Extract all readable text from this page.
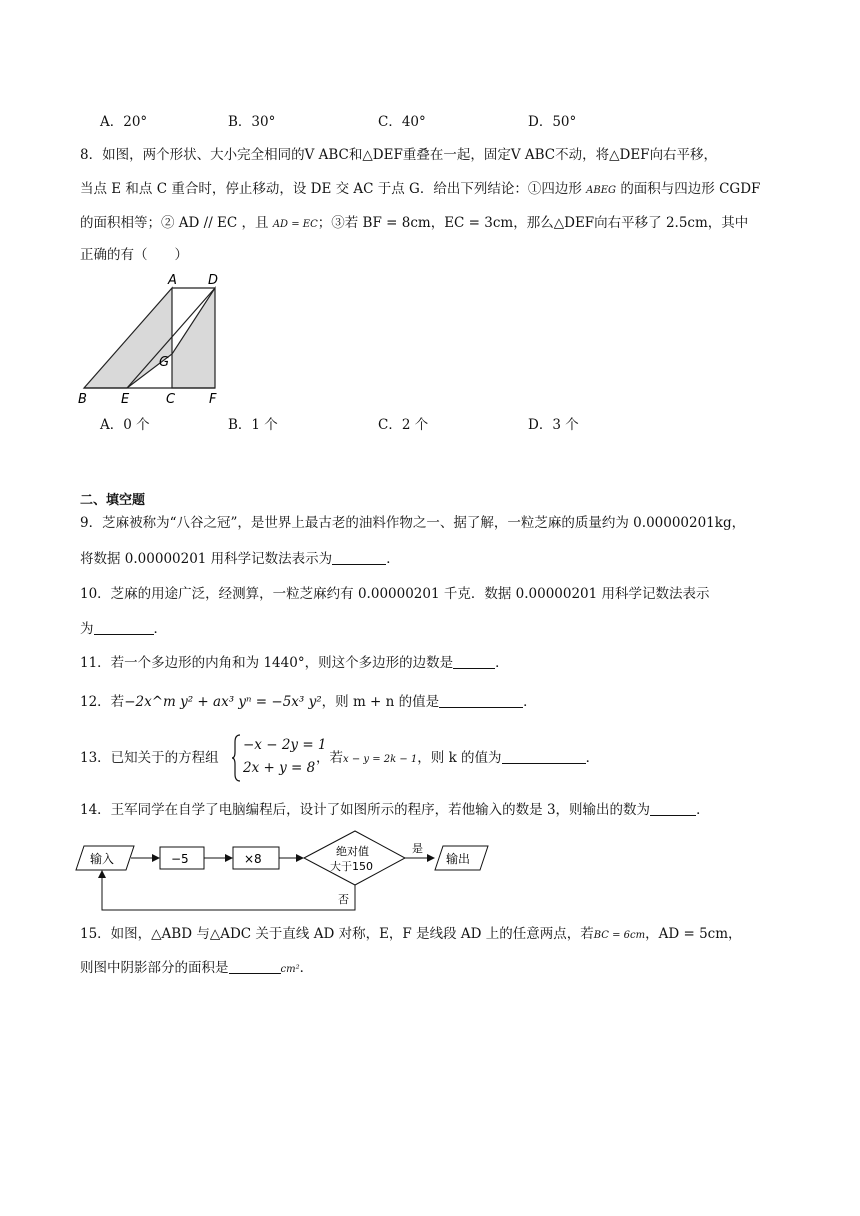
A．20°	B．30°	C．40°	D．50°
8．如图，两个形状、大小完全相同的V ABC和△DEF重叠在一起，固定V ABC不动，将△DEF向右平移，
当点 E 和点 C 重合时，停止移动，设 DE 交 AC 于点 G．给出下列结论：①四边形 ABEG 的面积与四边形 CGDF
的面积相等；② AD // EC ，且 AD = EC；③若 BF = 8cm，EC = 3cm，那么△DEF向右平移了 2.5cm，其中
正确的有（　　）
A D
G
B	E	C	F
A．0 个	B．1 个	C．2 个	D．3 个
二、填空题
9．芝麻被称为“八谷之冠”，是世界上最古老的油料作物之一、据了解，一粒芝麻的质量约为 0.00000201kg，
将数据 0.00000201 用科学记数法表示为	．
10．芝麻的用途广泛，经测算，一粒芝麻约有 0.00000201 千克．数据 0.00000201 用科学记数法表示
为	．
11．若一个多边形的内角和为 1440°，则这个多边形的边数是	．
12．若−2x^m y² + ax³ yⁿ = −5x³ y²，则 m + n 的值是	．
13．已知关于的方程组
−x − 2y = 1
2x + y = 8
，若x − y = 2k − 1，则 k 的值为	．
14．王军同学在自学了电脑编程后，设计了如图所示的程序，若他输入的数是 3，则输出的数为	．
输入	−5	×8
绝对值
大于150
是
输出
否
15．如图，△ABD 与△ADC 关于直线 AD 对称，E，F 是线段 AD 上的任意两点，若BC = 6cm，AD = 5cm，
则图中阴影部分的面积是	cm²．
